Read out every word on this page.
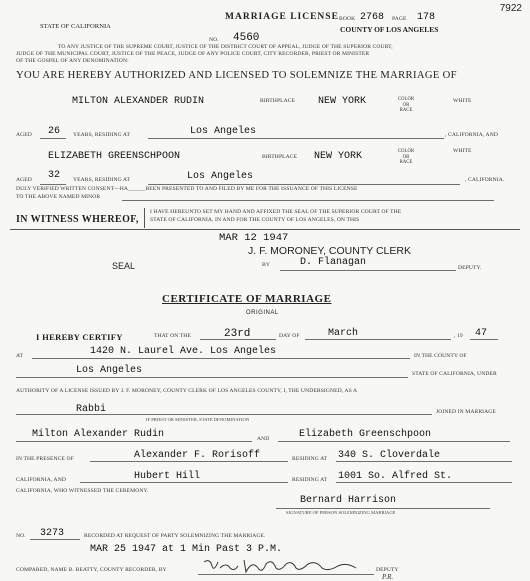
7922
STATE OF CALIFORNIA
MARRIAGE LICENSE
NO. 4560
BOOK 2768 PAGE 178
COUNTY OF LOS ANGELES
TO ANY JUSTICE OF THE SUPREME COURT, JUSTICE OF THE DISTRICT COURT OF APPEAL, JUDGE OF THE SUPERIOR COURT,
JUDGE OF THE MUNICIPAL COURT, JUSTICE OF THE PEACE, JUDGE OF ANY POLICE COURT, CITY RECORDER, PRIEST OR MINISTER
OF THE GOSPEL OF ANY DENOMINATION:
YOU ARE HEREBY AUTHORIZED AND LICENSED TO SOLEMNIZE THE MARRIAGE OF
MILTON ALEXANDER RUDIN	BIRTHPLACE NEW YORK	COLOR
OR
RACE
WHITE
AGED 26 YEARS, RESIDING AT	Los Angeles	, CALIFORNIA, AND
ELIZABETH GREENSCHPOON	BIRTHPLACE NEW YORK	COLOR
OR
RACE
WHITE
AGED 32 YEARS, RESIDING AT	Los Angeles	, CALIFORNIA.
DULY VERIFIED WRITTEN CONSENT—HA______BEEN PRESENTED TO AND FILED BY ME FOR THE ISSUANCE OF THIS LICENSE
TO THE ABOVE NAMED MINOR
IN WITNESS WHEREOF,
I HAVE HEREUNTO SET MY HAND AND AFFIXED THE SEAL OF THE SUPERIOR COURT OF THE
STATE OF CALIFORNIA, IN AND FOR THE COUNTY OF LOS ANGELES, ON THIS
MAR 12 1947
J. F. MORONEY, COUNTY CLERK
SEAL	BY	D. Flanagan	DEPUTY.
CERTIFICATE OF MARRIAGE
ORIGINAL
I HEREBY CERTIFY	THAT ON THE	23rd	DAY OF	March	, 19 47
AT	1420 N. Laurel Ave. Los Angeles	IN THE COUNTY OF
Los Angeles	STATE OF CALIFORNIA, UNDER
AUTHORITY OF A LICENSE ISSUED BY J. F. MORONEY, COUNTY CLERK OF LOS ANGELES COUNTY, I, THE UNDERSIGNED, AS A
Rabbi	JOINED IN MARRIAGE
IF PRIEST OR MINISTER, STATE DENOMINATION
Milton Alexander Rudin	AND	Elizabeth Greenschpoon
IN THE PRESENCE OF	Alexander F. Rorisoff	RESIDING AT 340 S. Cloverdale
CALIFORNIA, AND	Hubert Hill	RESIDING AT 1001 So. Alfred St.
CALIFORNIA, WHO WITNESSED THE CEREMONY.
Bernard Harrison
SIGNATURE OF PERSON SOLEMNIZING MARRIAGE
NO. 3273	RECORDED AT REQUEST OF PARTY SOLEMNIZING THE MARRIAGE.
MAR 25 1947 at 1 Min Past 3 P.M.
COMPARED, NAME B. BEATTY, COUNTY RECORDER, BY	DEPUTY
P.R.
